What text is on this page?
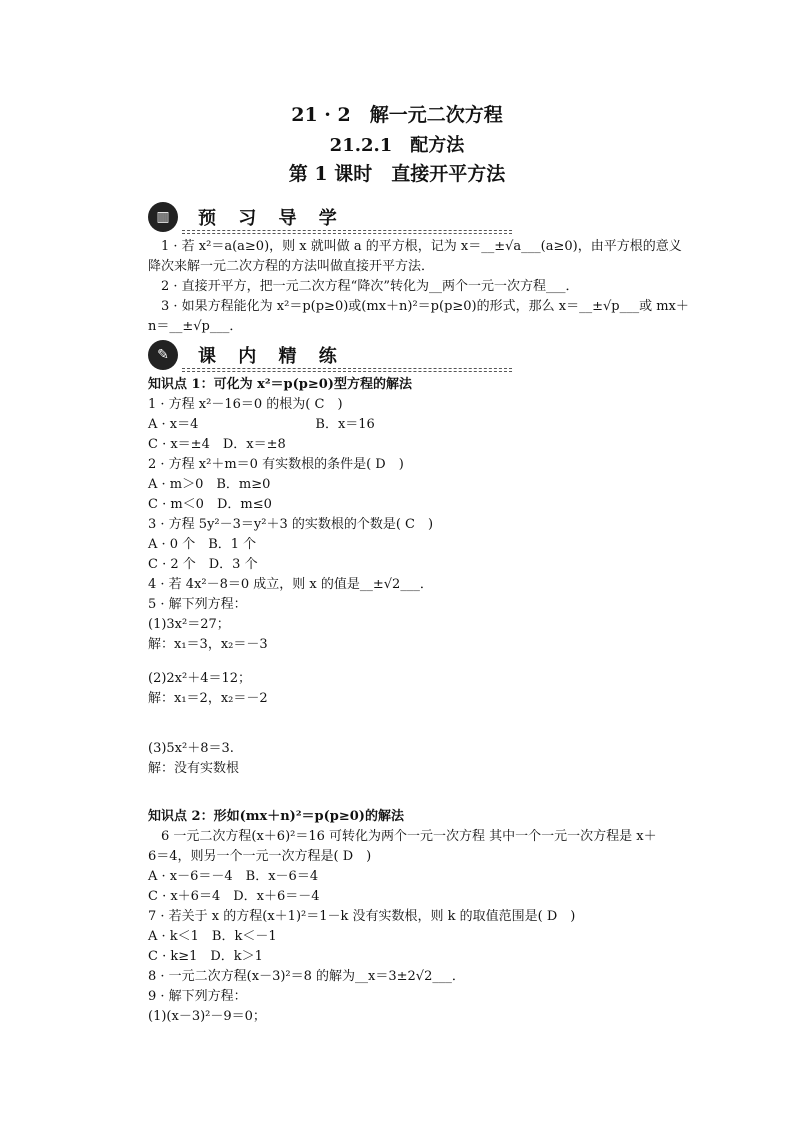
21 · 2　解一元二次方程
21.2.1　配方法
第 1 课时　直接开平方法
▥	预 习 导 学
　1 · 若 x²＝a(a≥0)，则 x 就叫做 a 的平方根，记为 x＝__±√a___(a≥0)，由平方根的意义
降次来解一元二次方程的方法叫做直接开平方法．
　2 · 直接开平方，把一元二次方程“降次”转化为__两个一元一次方程___．
　3 · 如果方程能化为 x²＝p(p≥0)或(mx＋n)²＝p(p≥0)的形式，那么 x＝__±√p___或 mx＋
n＝__±√p___．
✎	课 内 精 练
知识点 1：可化为 x²＝p(p≥0)型方程的解法
1 · 方程 x²－16＝0 的根为( C　)
A · x＝4　　　　　　　　　B．x＝16
C · x＝±4　D．x＝±8
2 · 方程 x²＋m＝0 有实数根的条件是( D　)
A · m＞0　B．m≥0
C · m＜0　D．m≤0
3 · 方程 5y²－3＝y²＋3 的实数根的个数是( C　)
A · 0 个　B．1 个
C · 2 个　D．3 个
4 · 若 4x²－8＝0 成立，则 x 的值是__±√2___．
5 · 解下列方程：
(1)3x²＝27；
解：x₁＝3，x₂＝－3
(2)2x²＋4＝12；
解：x₁＝2，x₂＝－2
(3)5x²＋8＝3.
解：没有实数根
知识点 2：形如(mx＋n)²＝p(p≥0)的解法
　6 一元二次方程(x＋6)²＝16 可转化为两个一元一次方程 其中一个一元一次方程是 x＋
6＝4，则另一个一元一次方程是( D　)
A · x－6＝－4　B．x－6＝4
C · x＋6＝4　D．x＋6＝－4
7 · 若关于 x 的方程(x＋1)²＝1－k 没有实数根，则 k 的取值范围是( D　)
A · k＜1　B．k＜－1
C · k≥1　D．k＞1
8 · 一元二次方程(x－3)²＝8 的解为__x＝3±2√2___．
9 · 解下列方程：
(1)(x－3)²－9＝0；
